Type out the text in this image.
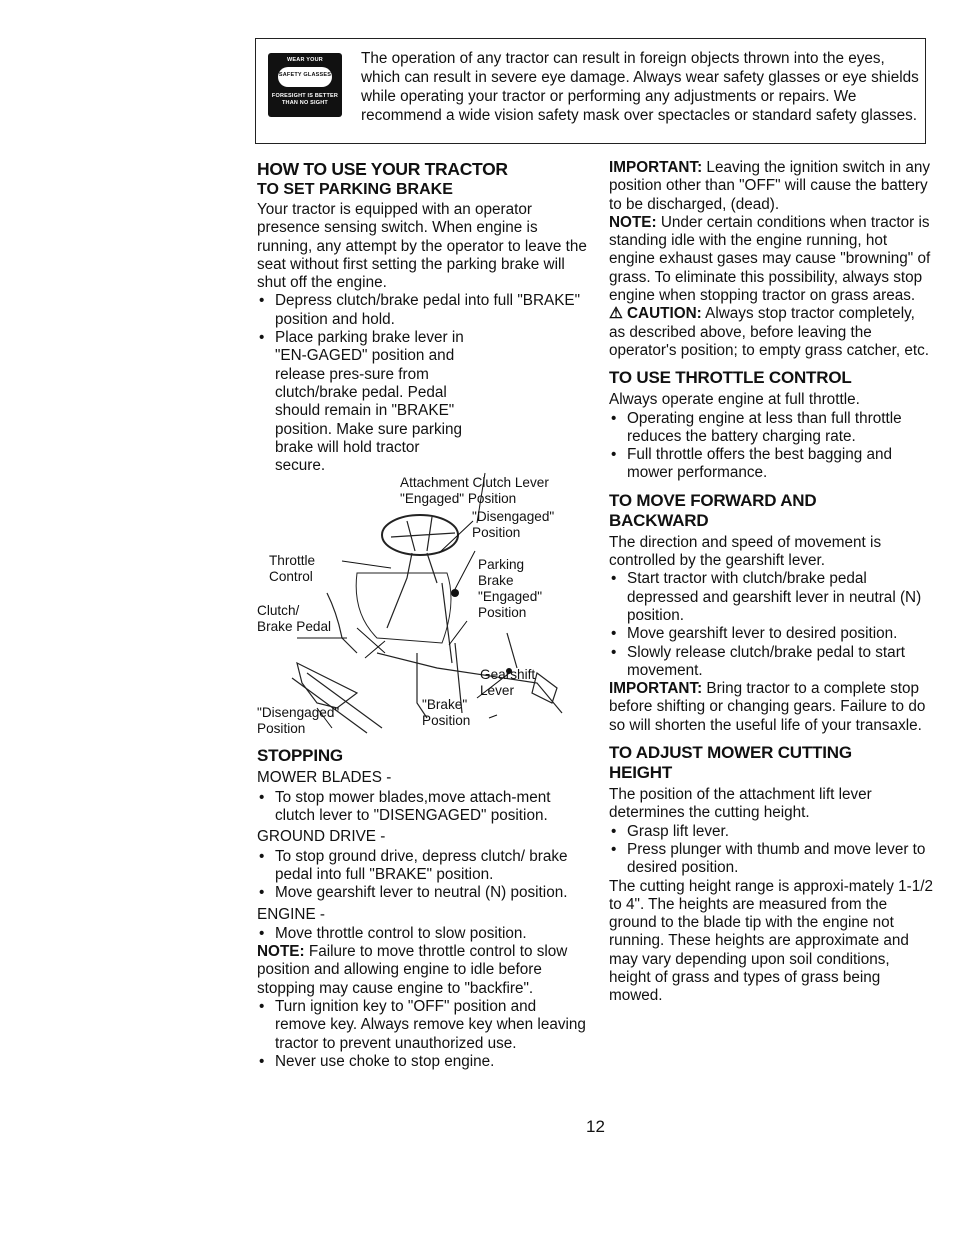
WEAR YOUR
SAFETY GLASSES
FORESIGHT IS BETTER
THAN NO SIGHT
The operation of any tractor can result in foreign objects thrown into the eyes, which can result in severe eye damage. Always wear safety glasses or eye shields while operating your tractor or performing any adjustments or repairs. We recommend a wide vision safety mask over spectacles or standard safety glasses.
HOW TO USE YOUR TRACTOR
TO SET PARKING BRAKE

Your tractor is equipped with an operator presence sensing switch. When engine is running, any attempt by the operator to leave the seat without first setting the parking brake will shut off the engine.

• Depress clutch/brake pedal into full "BRAKE" position and hold.
• Place parking brake lever in "EN-GAGED" position and release pres-sure from clutch/brake pedal. Pedal should remain in "BRAKE" position. Make sure parking brake will hold tractor secure.
Attachment Clutch Lever
"Engaged" Position
"Disengaged"
Position
Throttle
Control
Parking
Brake
"Engaged"
Position
Clutch/
Brake Pedal
Gearshift
Lever
"Brake"
Position
"Disengaged"
Position
STOPPING
MOWER BLADES -
• To stop mower blades,move attach-ment clutch lever to "DISENGAGED" position.
GROUND DRIVE -
• To stop ground drive, depress clutch/ brake pedal into full "BRAKE" position.
• Move gearshift lever to neutral (N) position.
ENGINE -
• Move throttle control to slow position.

NOTE: Failure to move throttle control to slow position and allowing engine to idle before stopping may cause engine to "backfire".

• Turn ignition key to "OFF" position and remove key. Always remove key when leaving tractor to prevent unauthorized use.
• Never use choke to stop engine.

IMPORTANT: Leaving the ignition switch in any position other than "OFF" will cause the battery to be discharged, (dead).

NOTE: Under certain conditions when tractor is standing idle with the engine running, hot engine exhaust gases may cause "browning" of grass. To eliminate this possibility, always stop engine when stopping tractor on grass areas.

⚠ CAUTION: Always stop tractor completely, as described above, before leaving the operator's position; to empty grass catcher, etc.

TO USE THROTTLE CONTROL

Always operate engine at full throttle.

• Operating engine at less than full throttle reduces the battery charging rate.
• Full throttle offers the best bagging and mower performance.
TO MOVE FORWARD AND BACKWARD

The direction and speed of movement is controlled by the gearshift lever.

• Start tractor with clutch/brake pedal depressed and gearshift lever in neutral (N) position.
• Move gearshift lever to desired position.
• Slowly release clutch/brake pedal to start movement.

IMPORTANT: Bring tractor to a complete stop before shifting or changing gears. Failure to do so will shorten the useful life of your transaxle.

TO ADJUST MOWER CUTTING HEIGHT

The position of the attachment lift lever determines the cutting height.

• Grasp lift lever.
• Press plunger with thumb and move lever to desired position.

The cutting height range is approxi-mately 1-1/2 to 4". The heights are measured from the ground to the blade tip with the engine not running. These heights are approximate and may vary depending upon soil conditions, height of grass and types of grass being mowed.

12
